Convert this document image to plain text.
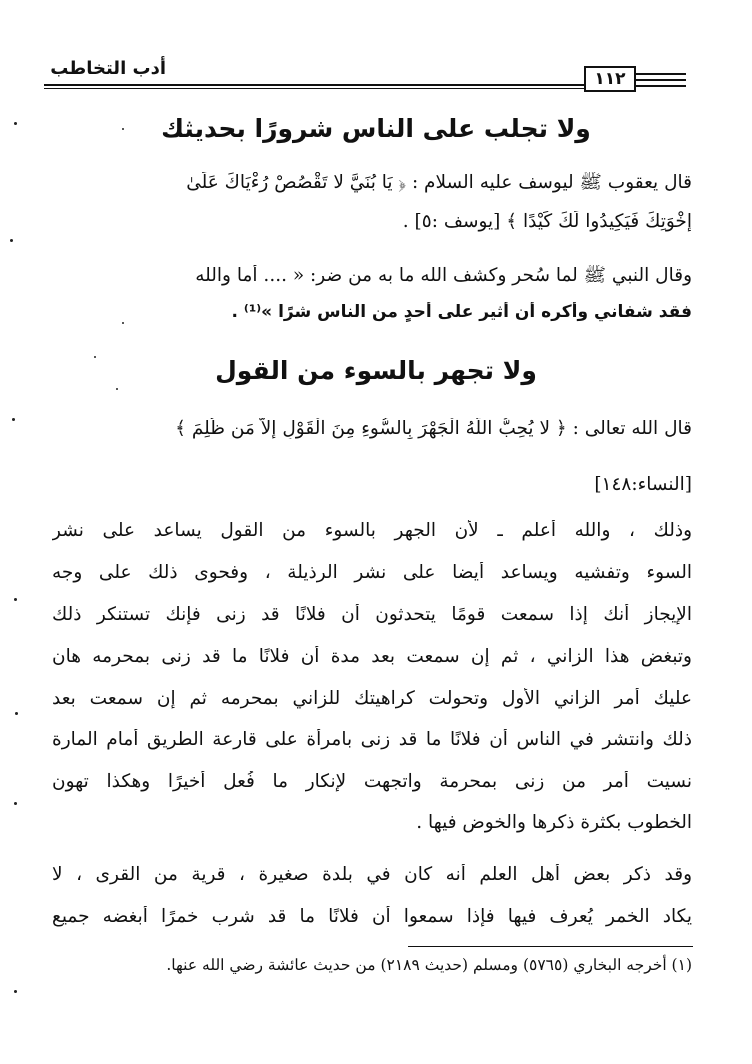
أدب التخاطب	١١٢
ولا تجلب على الناس شرورًا بحديثك
قال يعقوب ﷺ ليوسف عليه السلام : ﴿ يَا بُنَيَّ لا تَقْصُصْ رُءْيَاكَ عَلَىٰ
إِخْوَتِكَ فَيَكِيدُوا لَكَ كَيْدًا ﴾ [يوسف :٥] .
وقال النبي ﷺ لما سُحر وكشف الله ما به من ضر: « .... أما والله
فقد شفاني وأكره أن أثير على أحدٍ من الناس شرًا »⁽¹⁾ .
ولا تجهر بالسوء من القول
قال الله تعالى : ﴿ لا يُحِبُّ اللَّهُ الْجَهْرَ بِالسُّوءِ مِنَ الْقَوْلِ إِلاَّ مَن ظُلِمَ ﴾
[النساء:١٤٨]
وذلك ، والله أعلم ـ لأن الجهر بالسوء من القول يساعد على نشر
السوء وتفشيه ويساعد أيضا على نشر الرذيلة ، وفحوى ذلك على وجه
الإيجاز أنك إذا سمعت قومًا يتحدثون أن فلانًا قد زنى فإنك تستنكر ذلك
وتبغض هذا الزاني ، ثم إن سمعت بعد مدة أن فلانًا ما قد زنى بمحرمه هان
عليك أمر الزاني الأول وتحولت كراهيتك للزاني بمحرمه ثم إن سمعت بعد
ذلك وانتشر في الناس أن فلانًا ما قد زنى بامرأة على قارعة الطريق أمام المارة
نسيت أمر من زنى بمحرمة واتجهت لإنكار ما فُعل أخيرًا وهكذا تهون
الخطوب بكثرة ذكرها والخوض فيها .
وقد ذكر بعض أهل العلم أنه كان في بلدة صغيرة ، قرية من القرى ، لا
يكاد الخمر يُعرف فيها فإذا سمعوا أن فلانًا ما قد شرب خمرًا أبغضه جميع
(١) أخرجه البخاري (٥٧٦٥) ومسلم (حديث ٢١٨٩) من حديث عائشة رضي الله عنها.
